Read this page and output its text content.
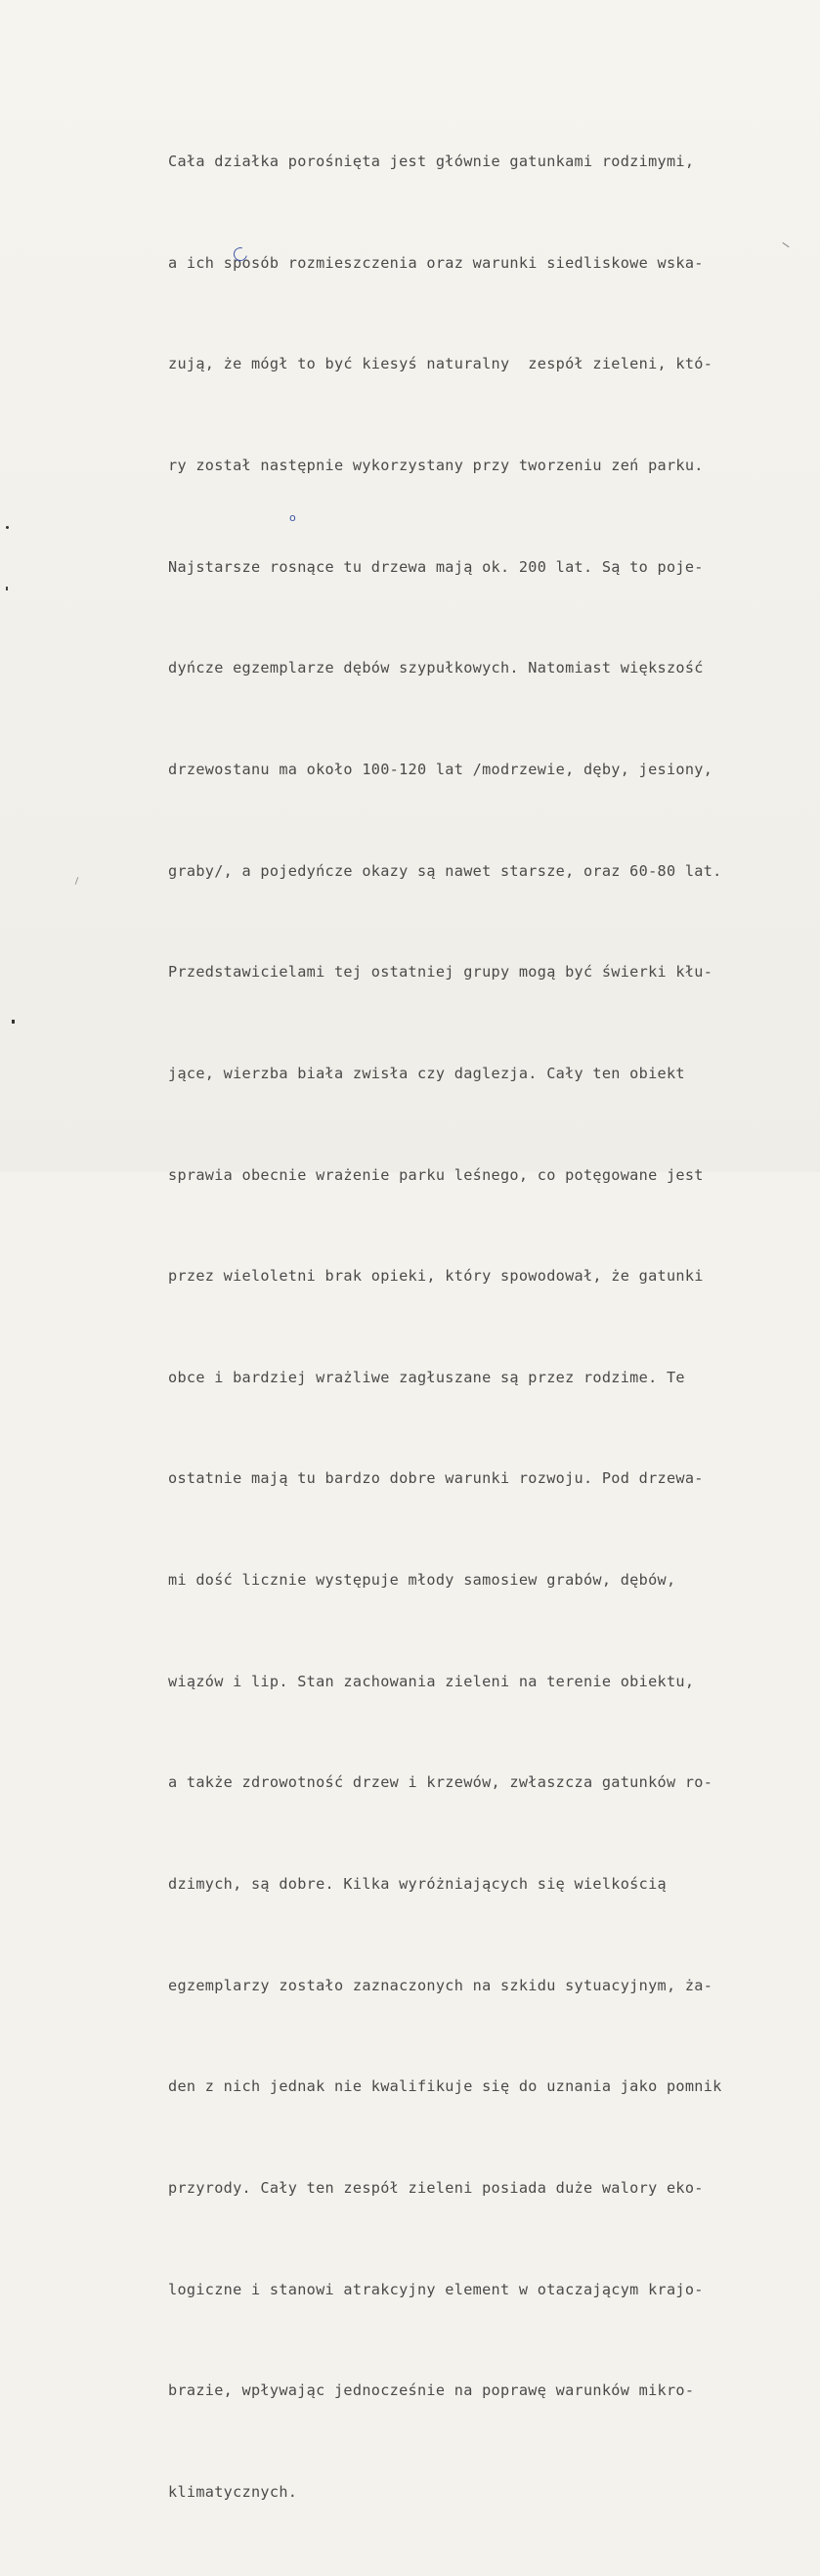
Cała działka porośnięta jest głównie gatunkami rodzimymi,

a ich sposób rozmieszczenia oraz warunki siedliskowe wska-

zują, że mógł to być kiesyś naturalny  zespół zieleni, któ-

ry został następnie wykorzystany przy tworzeniu zeń parku.

Najstarsze rosnące tu drzewa mają ok. 200 lat. Są to poje-

dyńcze egzemplarze dębów szypułkowych. Natomiast większość

drzewostanu ma około 100-120 lat /modrzewie, dęby, jesiony,

graby/, a pojedyńcze okazy są nawet starsze, oraz 60-80 lat.

Przedstawicielami tej ostatniej grupy mogą być świerki kłu-

jące, wierzba biała zwisła czy daglezja. Cały ten obiekt

sprawia obecnie wrażenie parku leśnego, co potęgowane jest

przez wieloletni brak opieki, który spowodował, że gatunki

obce i bardziej wrażliwe zagłuszane są przez rodzime. Te

ostatnie mają tu bardzo dobre warunki rozwoju. Pod drzewa-

mi dość licznie występuje młody samosiew grabów, dębów,

wiązów i lip. Stan zachowania zieleni na terenie obiektu,

a także zdrowotność drzew i krzewów, zwłaszcza gatunków ro-

dzimych, są dobre. Kilka wyróżniających się wielkością

egzemplarzy zostało zaznaczonych na szkidu sytuacyjnym, ża-

den z nich jednak nie kwalifikuje się do uznania jako pomnik

przyrody. Cały ten zespół zieleni posiada duże walory eko-

logiczne i stanowi atrakcyjny element w otaczającym krajo-

brazie, wpływając jednocześnie na poprawę warunków mikro-

klimatycznych.

o
